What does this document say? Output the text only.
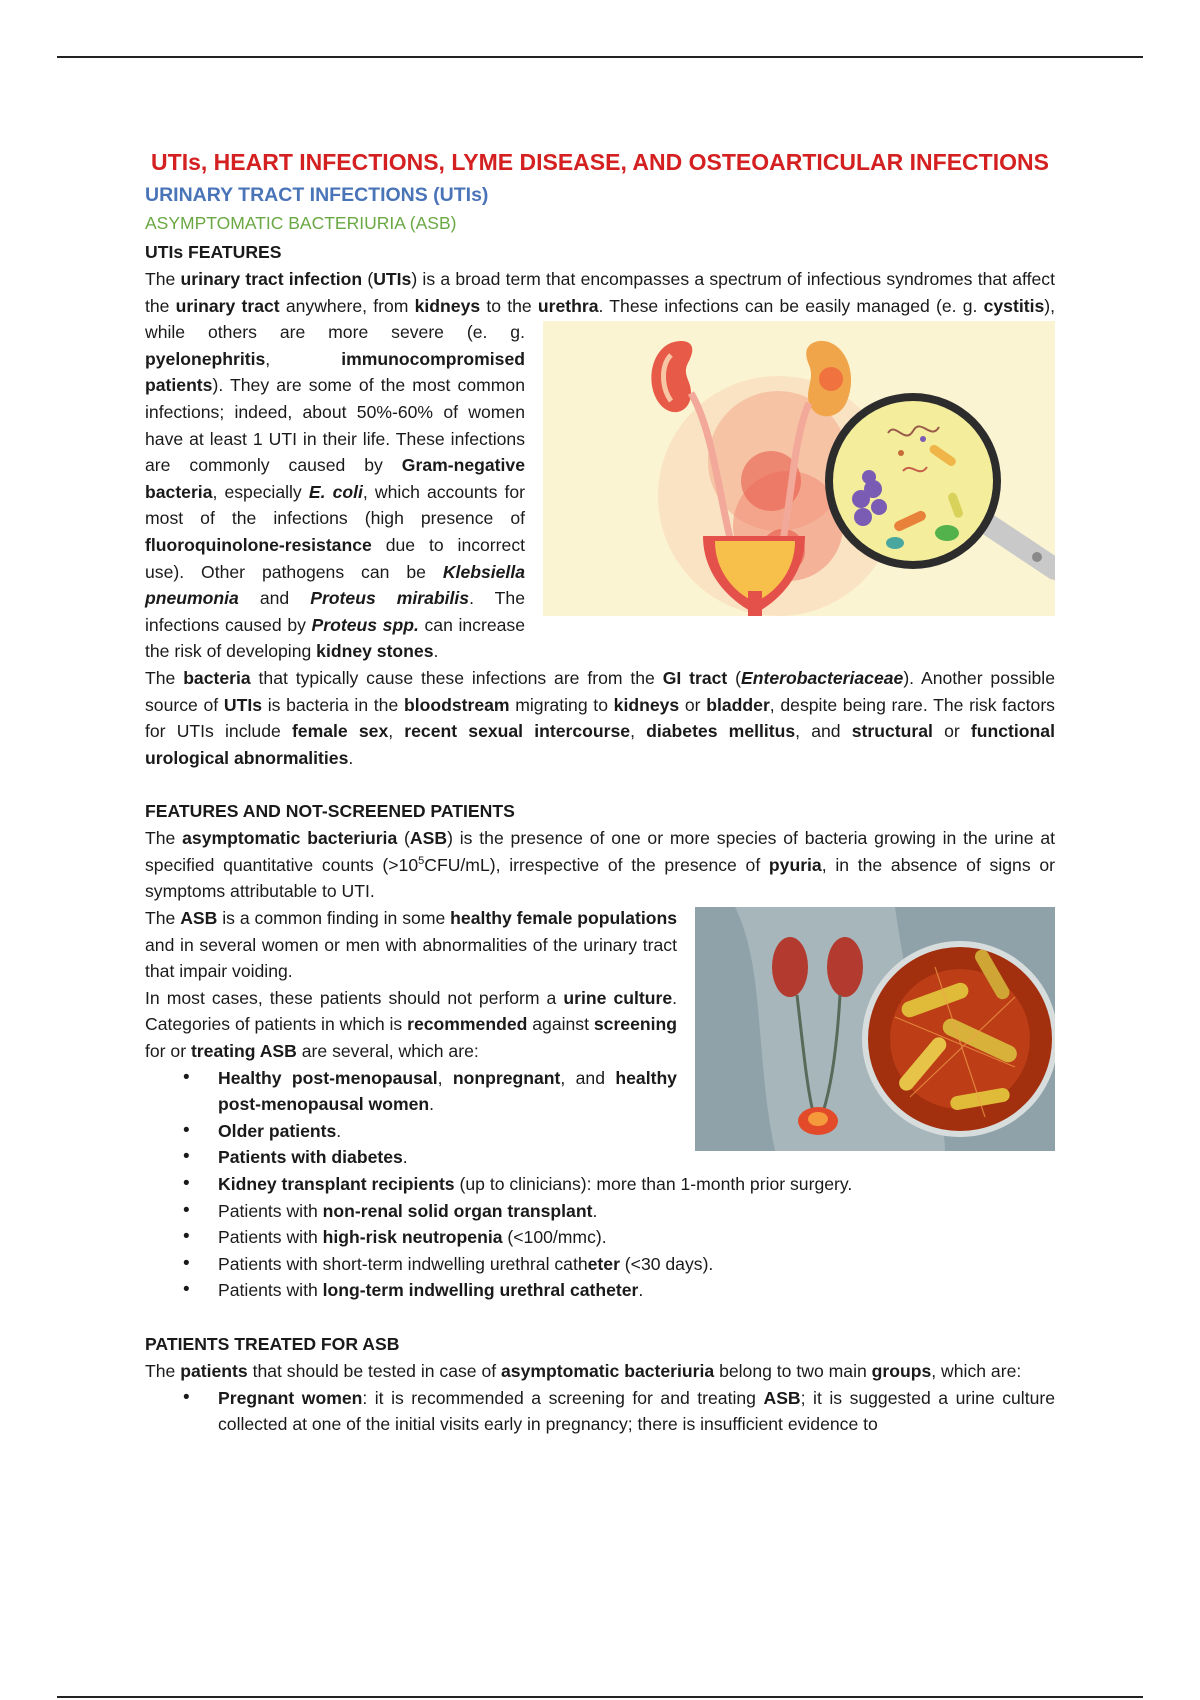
UTIs, HEART INFECTIONS, LYME DISEASE, AND OSTEOARTICULAR INFECTIONS
URINARY TRACT INFECTIONS (UTIs)
ASYMPTOMATIC BACTERIURIA (ASB)
UTIs FEATURES

The urinary tract infection (UTIs) is a broad term that encompasses a spectrum of infectious syndromes that affect the urinary tract anywhere, from kidneys to the urethra. These infections can be easily managed (e. g.
cystitis), while others are more severe (e. g. pyelonephritis, immunocompromised patients). They are some of the most common infections; indeed, about 50%-60% of women have at least 1 UTI in their life. These infections are commonly caused by Gram-negative bacteria, especially E. coli, which accounts for most of the infections (high presence of fluoroquinolone-resistance due to incorrect use). Other pathogens can be Klebsiella pneumonia and Proteus mirabilis. The infections caused by Proteus spp. can increase the risk of developing kidney stones.

The bacteria that typically cause these infections are from the GI tract (Enterobacteriaceae). Another possible source of UTIs is bacteria in the bloodstream migrating to kidneys or bladder, despite being rare. The risk factors for UTIs include female sex, recent sexual intercourse, diabetes mellitus, and structural or functional urological abnormalities.

FEATURES AND NOT-SCREENED PATIENTS

The asymptomatic bacteriuria (ASB) is the presence of one or more species of bacteria growing in the urine at specified quantitative counts $(>10^5CFU/mL)$, irrespective of the presence of pyuria, in the absence of signs or symptoms attributable to UTI.

The ASB is a common finding in some healthy female populations and in several women or men with abnormalities of the urinary tract that impair voiding.

In most cases, these patients should not perform a urine culture. Categories of patients in which is recommended against screening for or treating ASB are several, which are:

• Healthy post-menopausal, nonpregnant, and healthy post-menopausal women.
• Older patients.
• Patients with diabetes.
• Kidney transplant recipients (up to clinicians): more than 1-month prior surgery.
• Patients with non-renal solid organ transplant.
• Patients with high-risk neutropenia (<100/mmc).
• Patients with short-term indwelling urethral catheter (<30 days).
• Patients with long-term indwelling urethral catheter.
PATIENTS TREATED FOR ASB

The patients that should be tested in case of asymptomatic bacteriuria belong to two main groups, which are:

• Pregnant women: it is recommended a screening for and treating ASB; it is suggested a urine culture collected at one of the initial visits early in pregnancy; there is insufficient evidence to
